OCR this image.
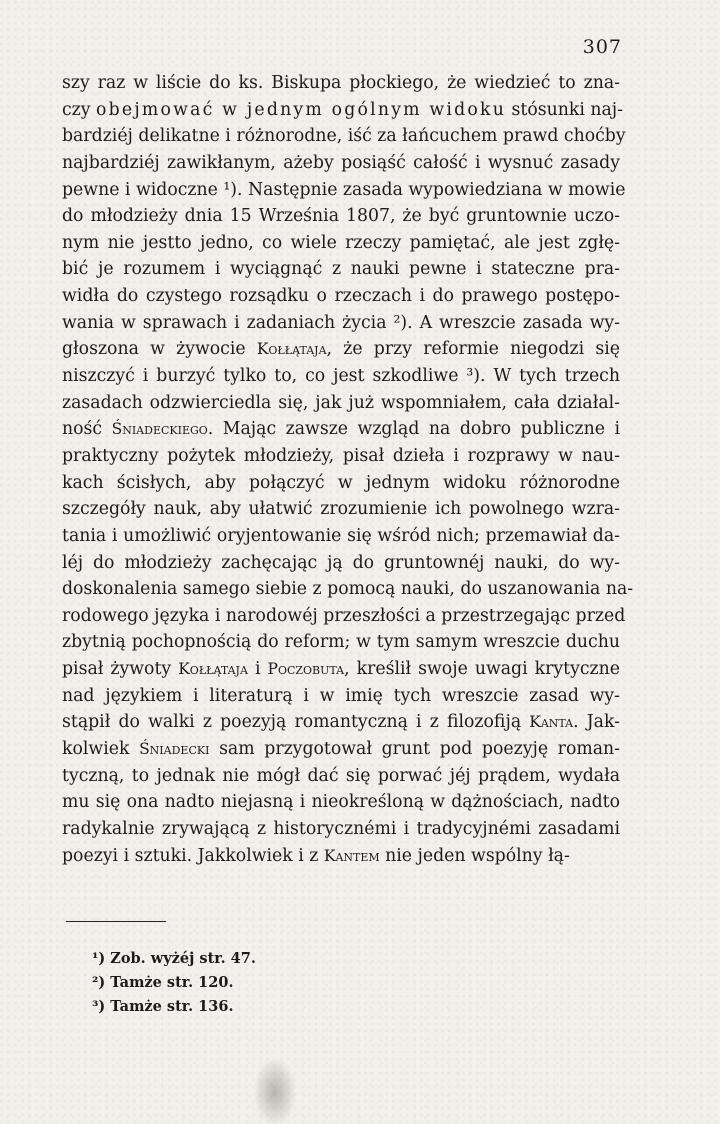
307

szy raz w liście do ks. Biskupa płockiego, że wiedzieć to zna-
czy obejmować w jednym ogólnym widoku stósunki naj-
bardziéj delikatne i różnorodne, iść za łańcuchem prawd choćby
najbardziéj zawikłanym, ażeby posiąść całość i wysnuć zasady
pewne i widoczne ¹). Następnie zasada wypowiedziana w mowie
do młodzieży dnia 15 Września 1807, że być gruntownie uczo-
nym nie jestto jedno, co wiele rzeczy pamiętać, ale jest zgłę-
bić je rozumem i wyciągnąć z nauki pewne i stateczne pra-
widła do czystego rozsądku o rzeczach i do prawego postępo-
wania w sprawach i zadaniach życia ²). A wreszcie zasada wy-
głoszona w żywocie Kołłątaja, że przy reformie niegodzi się
niszczyć i burzyć tylko to, co jest szkodliwe ³). W tych trzech
zasadach odzwierciedla się, jak już wspomniałem, cała działal-
ność Śniadeckiego. Mając zawsze wzgląd na dobro publiczne i
praktyczny pożytek młodzieży, pisał dzieła i rozprawy w nau-
kach ścisłych, aby połączyć w jednym widoku różnorodne
szczegóły nauk, aby ułatwić zrozumienie ich powolnego wzra-
tania i umożliwić oryjentowanie się wśród nich; przemawiał da-
léj do młodzieży zachęcając ją do gruntownéj nauki, do wy-
doskonalenia samego siebie z pomocą nauki, do uszanowania na-
rodowego języka i narodowéj przeszłości a przestrzegając przed
zbytnią pochopnością do reform; w tym samym wreszcie duchu
pisał żywoty Kołłątaja i Poczobuta, kreślił swoje uwagi krytyczne
nad językiem i literaturą i w imię tych wreszcie zasad wy-
stąpił do walki z poezyją romantyczną i z filozofiją Kanta. Jak-
kolwiek Śniadecki sam przygotował grunt pod poezyję roman-
tyczną, to jednak nie mógł dać się porwać jéj prądem, wydała
mu się ona nadto niejasną i nieokreśloną w dążnościach, nadto
radykalnie zrywającą z historycznémi i tradycyjnémi zasadami
poezyi i sztuki. Jakkolwiek i z Kantem nie jeden wspólny łą-
¹) Zob. wyżéj str. 47.
²) Tamże str. 120.
³) Tamże str. 136.
